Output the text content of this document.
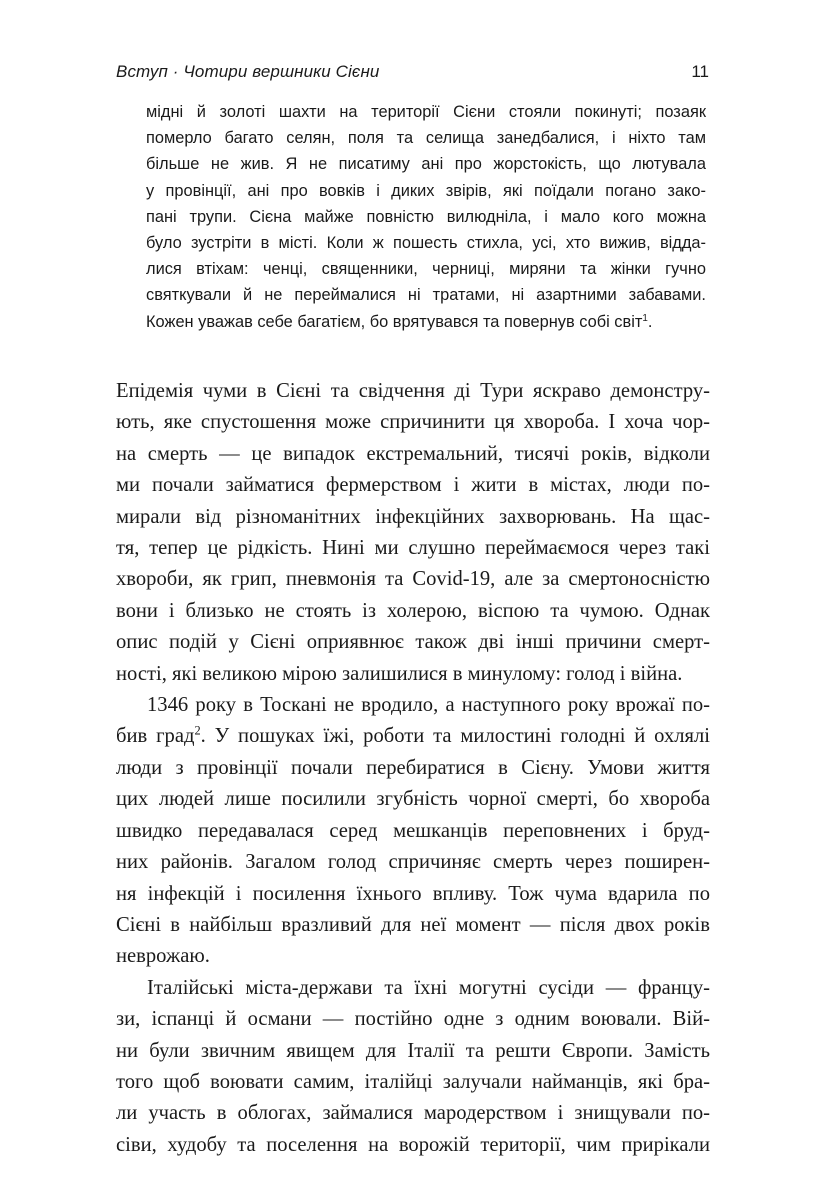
Вступ · Чотири вершники Сієни	11
мідні й золоті шахти на території Сієни стояли покинуті; позаяк
померло багато селян, поля та селища занедбалися, і ніхто там
більше не жив. Я не писатиму ані про жорстокість, що лютувала
у провінції, ані про вовків і диких звірів, які поїдали погано зако-
пані трупи. Сієна майже повністю вилюдніла, і мало кого можна
було зустріти в місті. Коли ж пошесть стихла, усі, хто вижив, відда-
лися втіхам: ченці, священники, черниці, миряни та жінки гучно
святкували й не переймалися ні тратами, ні азартними забавами.
Кожен уважав себе багатієм, бо врятувався та повернув собі світ$^1$.

Епідемія чуми в Сієні та свідчення ді Тури яскраво демонстру-
ють, яке спустошення може спричинити ця хвороба. І хоча чор-
на смерть — це випадок екстремальний, тисячі років, відколи
ми почали займатися фермерством і жити в містах, люди по-
мирали від різноманітних інфекційних захворювань. На щас-
тя, тепер це рідкість. Нині ми слушно переймаємося через такі
хвороби, як грип, пневмонія та Covid-19, але за смертоносністю
вони і близько не стоять із холерою, віспою та чумою. Однак
опис подій у Сієні оприявнює також дві інші причини смерт-
ності, які великою мірою залишилися в минулому: голод і війна.

1346 року в Тоскані не вродило, а наступного року врожаї по-
бив град$^2$. У пошуках їжі, роботи та милостині голодні й охлялі
люди з провінції почали перебиратися в Сієну. Умови життя
цих людей лише посилили згубність чорної смерті, бо хвороба
швидко передавалася серед мешканців переповнених і бруд-
них районів. Загалом голод спричиняє смерть через поширен-
ня інфекцій і посилення їхнього впливу. Тож чума вдарила по
Сієні в найбільш вразливий для неї момент — після двох років
неврожаю.

Італійські міста-держави та їхні могутні сусіди — францу-
зи, іспанці й османи — постійно одне з одним воювали. Вій-
ни були звичним явищем для Італії та решти Європи. Замість
того щоб воювати самим, італійці залучали найманців, які бра-
ли участь в облогах, займалися мародерством і знищували по-
сіви, худобу та поселення на ворожій території, чим прирікали
